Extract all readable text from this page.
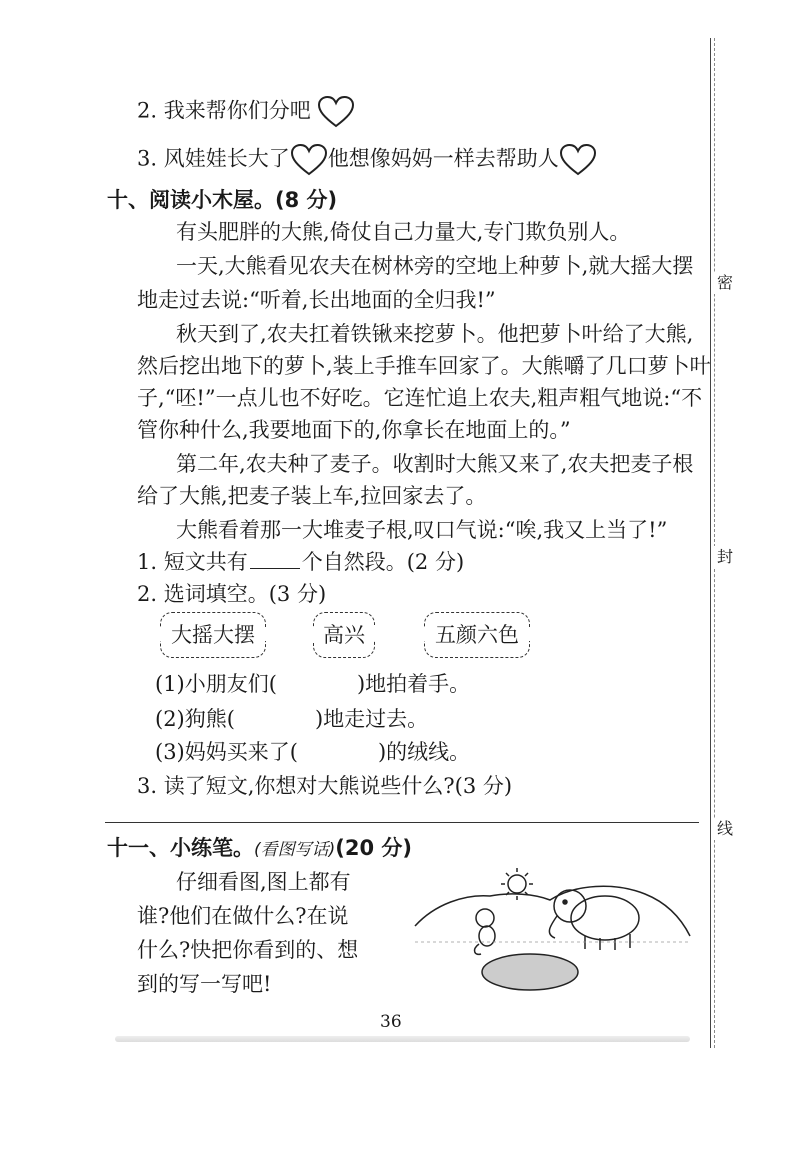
2. 我来帮你们分吧
3. 风娃娃长大了 他想像妈妈一样去帮助人
十、阅读小木屋。(8 分)
有头肥胖的大熊,倚仗自己力量大,专门欺负别人。
一天,大熊看见农夫在树林旁的空地上种萝卜,就大摇大摆
地走过去说:“听着,长出地面的全归我!”
秋天到了,农夫扛着铁锹来挖萝卜。他把萝卜叶给了大熊,
然后挖出地下的萝卜,装上手推车回家了。大熊嚼了几口萝卜叶
子,“呸!”一点儿也不好吃。它连忙追上农夫,粗声粗气地说:“不
管你种什么,我要地面下的,你拿长在地面上的。”
第二年,农夫种了麦子。收割时大熊又来了,农夫把麦子根
给了大熊,把麦子装上车,拉回家去了。
大熊看着那一大堆麦子根,叹口气说:“唉,我又上当了!”
1. 短文共有	个自然段。(2 分)
2. 选词填空。(3 分)
大摇大摆	高兴	五颜六色
(1)小朋友们(	)地拍着手。
(2)狗熊(	)地走过去。
(3)妈妈买来了(	)的绒线。
3. 读了短文,你想对大熊说些什么?(3 分)
十一、小练笔。(看图写话)(20 分)
仔细看图,图上都有
谁?他们在做什么?在说
什么?快把你看到的、想
到的写一写吧!
密
封
线
36
